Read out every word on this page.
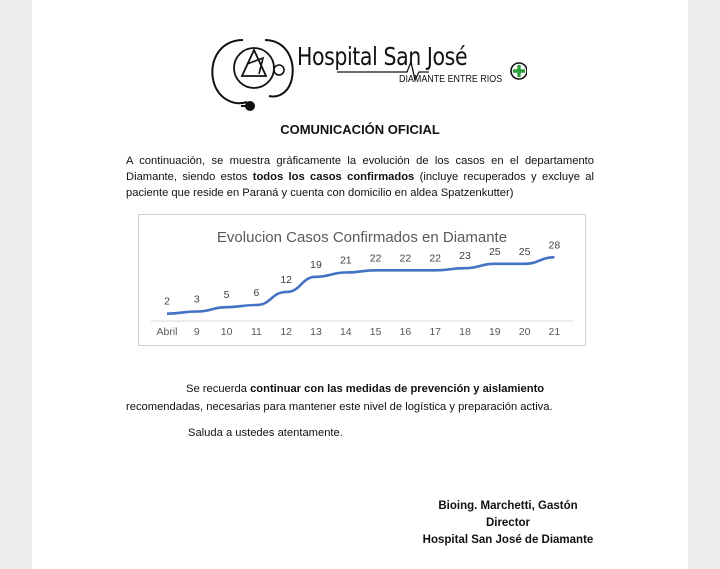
Hospital San José
DIAMANTE ENTRE RIOS
COMUNICACIÓN OFICIAL
A continuación, se muestra gráficamente la evolución de los casos en el departamento Diamante, siendo estos todos los casos confirmados (incluye recuperados y excluye al paciente que reside en Paraná y cuenta con domicilio en aldea Spatzenkutter)
Evolucion Casos Confirmados en Diamante
2 3 5 6
12
19 21 22 22 22 23 25 25
28
Abril 9 10 11 12 13 14 15 16 17 18 19 20 21
Se recuerda continuar con las medidas de prevención y aislamiento recomendadas, necesarias para mantener este nivel de logística y preparación activa.
Saluda a ustedes atentamente.
Bioing. Marchetti, Gastón
Director
Hospital San José de Diamante
